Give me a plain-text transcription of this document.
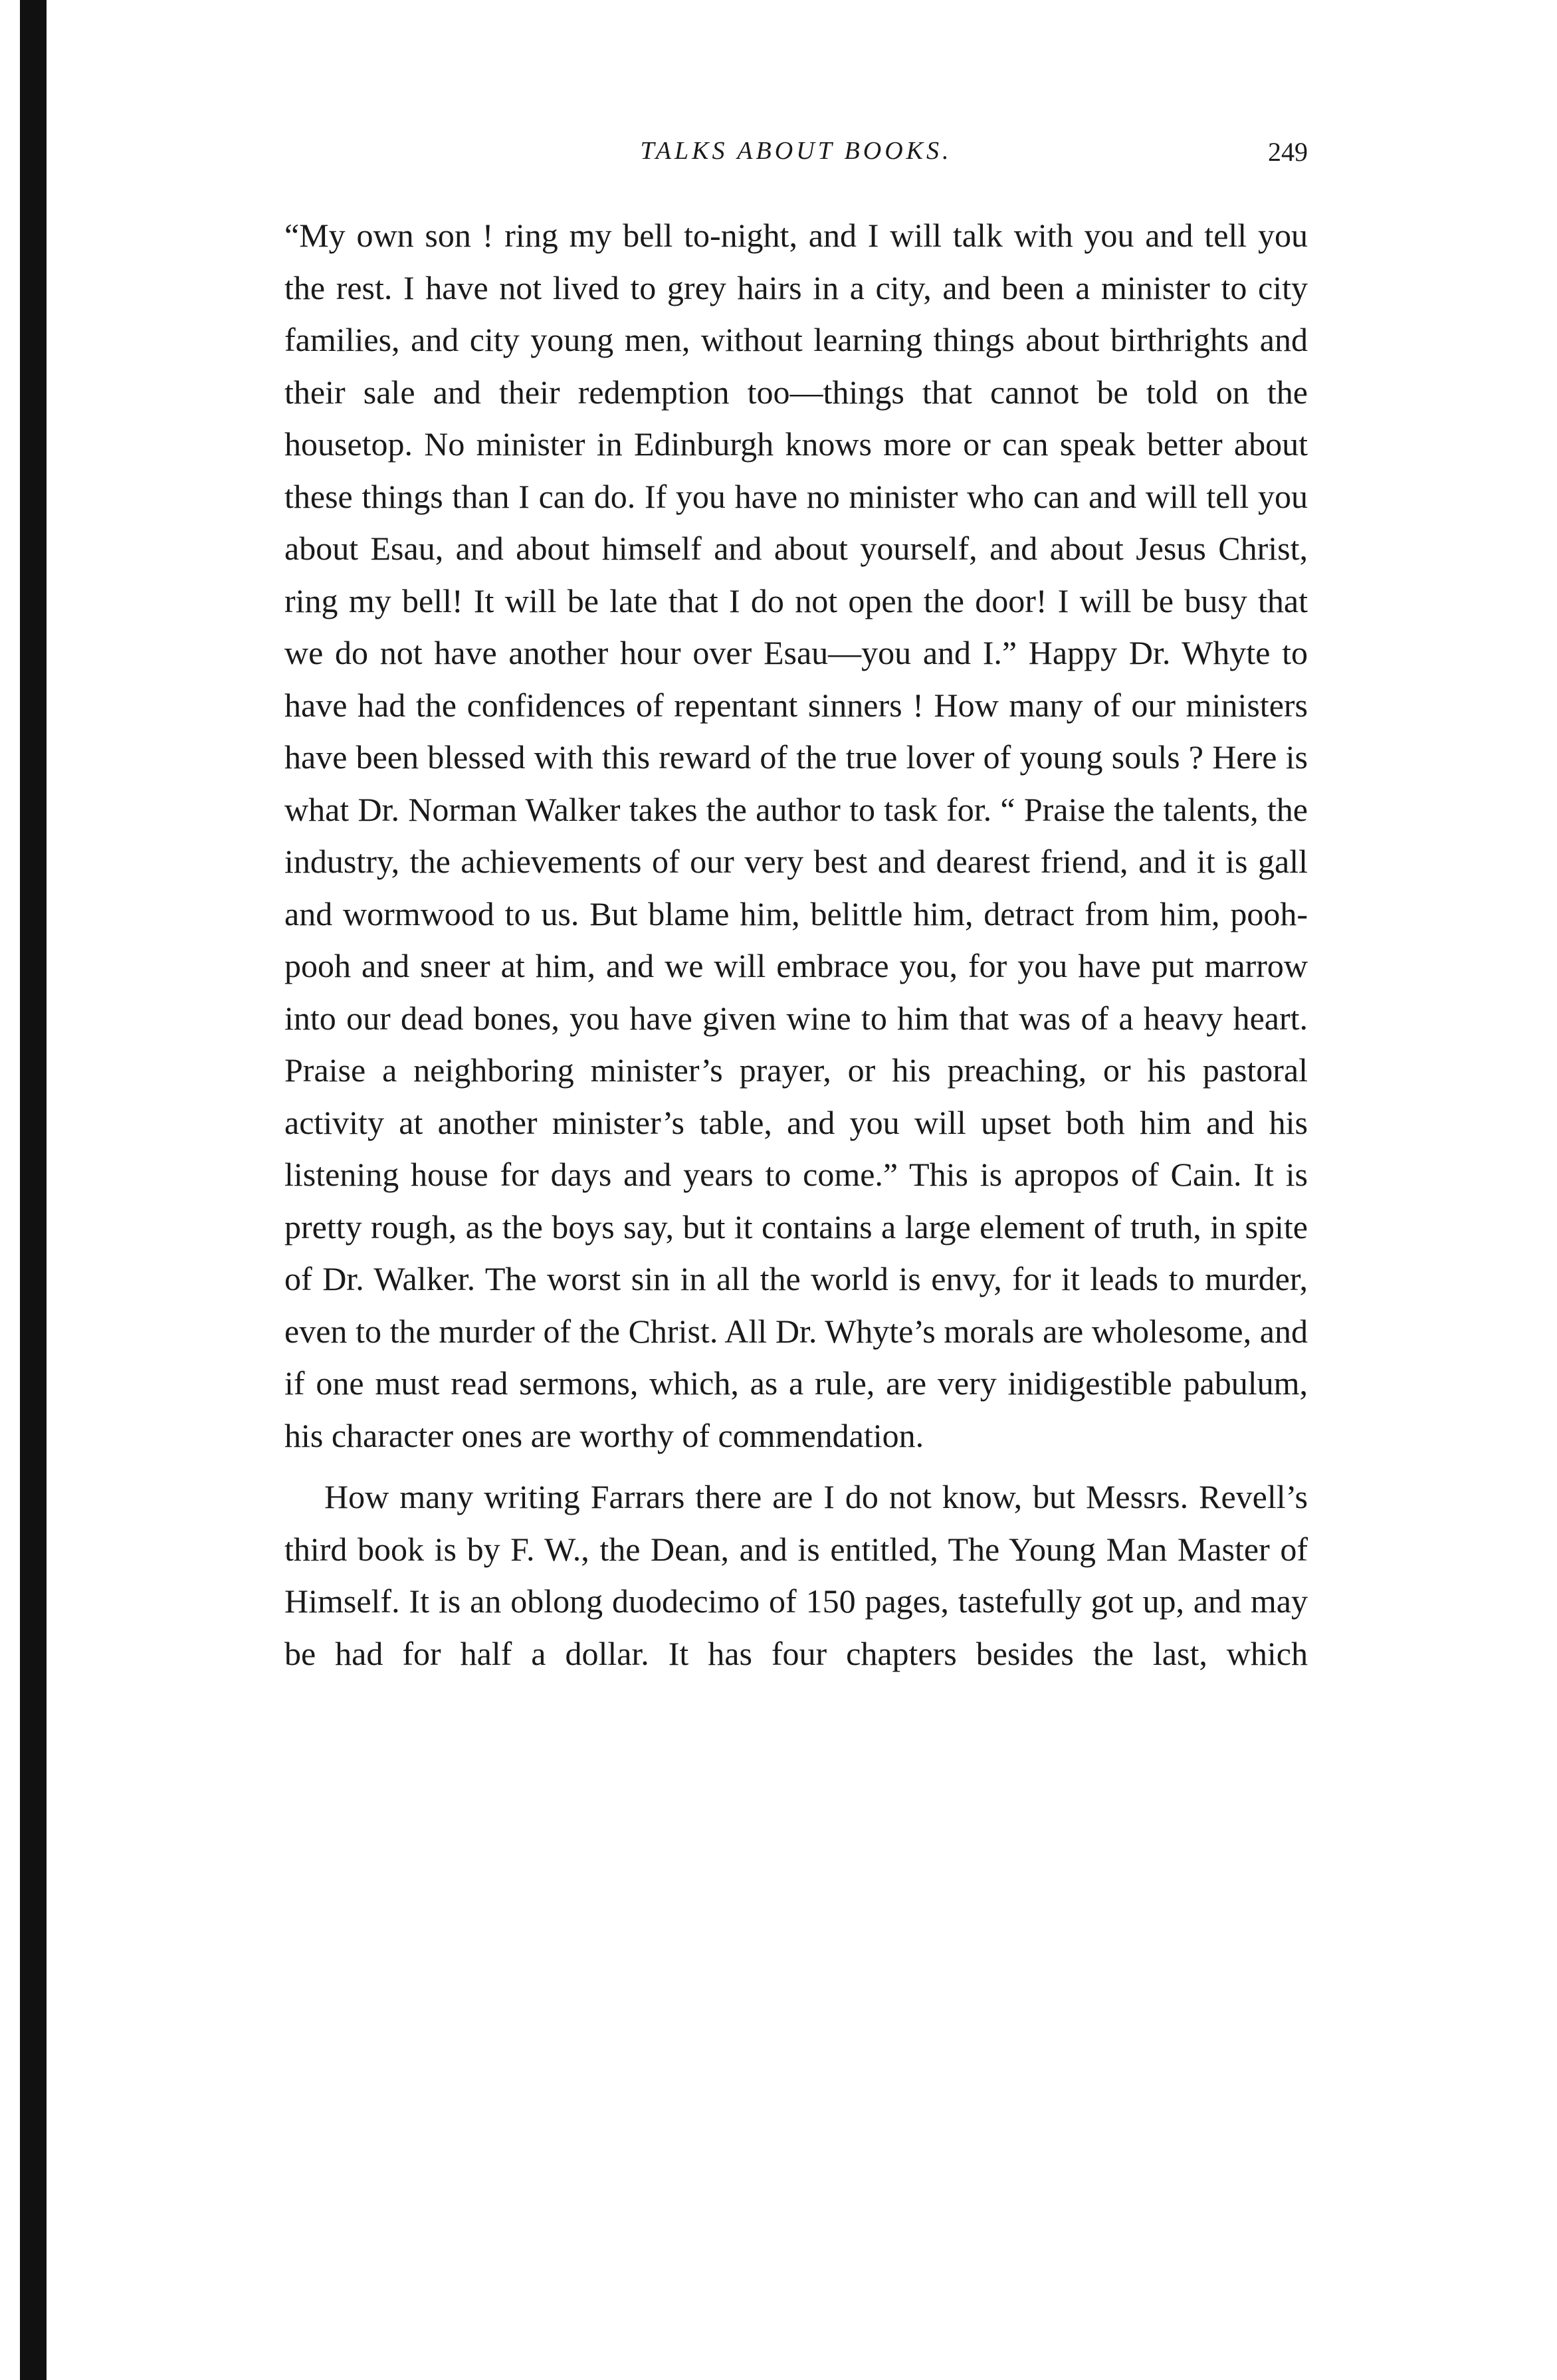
TALKS ABOUT BOOKS.	249

“My own son ! ring my bell to-night, and I will talk with you and tell you the rest. I have not lived to grey hairs in a city, and been a minister to city families, and city young men, without learning things about birthrights and their sale and their redemption too—things that cannot be told on the housetop. No minister in Edinburgh knows more or can speak better about these things than I can do. If you have no minister who can and will tell you about Esau, and about himself and about yourself, and about Jesus Christ, ring my bell! It will be late that I do not open the door! I will be busy that we do not have another hour over Esau—you and I.” Happy Dr. Whyte to have had the confidences of repentant sinners ! How many of our ministers have been blessed with this reward of the true lover of young souls ? Here is what Dr. Norman Walker takes the author to task for. “ Praise the talents, the industry, the achievements of our very best and dearest friend, and it is gall and wormwood to us. But blame him, belittle him, detract from him, pooh-pooh and sneer at him, and we will embrace you, for you have put marrow into our dead bones, you have given wine to him that was of a heavy heart. Praise a neighboring minister’s prayer, or his preaching, or his pastoral activity at another minister’s table, and you will upset both him and his listening house for days and years to come.” This is apropos of Cain. It is pretty rough, as the boys say, but it contains a large element of truth, in spite of Dr. Walker. The worst sin in all the world is envy, for it leads to murder, even to the murder of the Christ. All Dr. Whyte’s morals are wholesome, and if one must read sermons, which, as a rule, are very inidigestible pabulum, his character ones are worthy of commendation.

How many writing Farrars there are I do not know, but Messrs. Revell’s third book is by F. W., the Dean, and is entitled, The Young Man Master of Himself. It is an oblong duodecimo of 150 pages, tastefully got up, and may be had for half a dollar. It has four chapters besides the last, which
